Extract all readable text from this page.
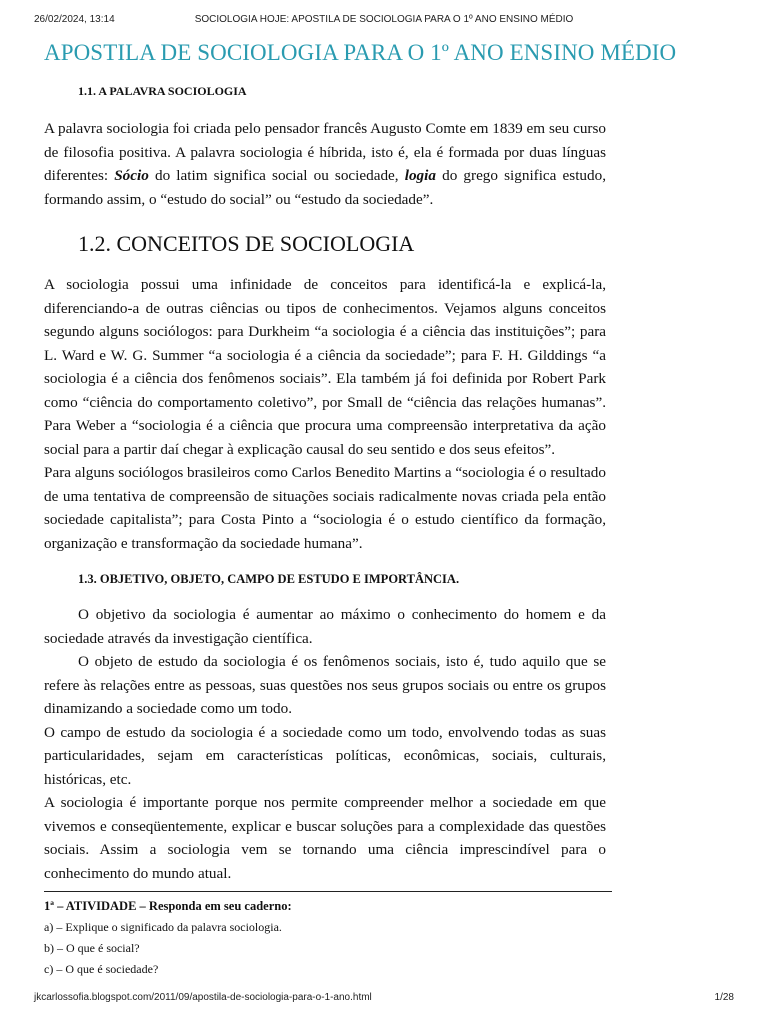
26/02/2024, 13:14	SOCIOLOGIA HOJE: APOSTILA DE SOCIOLOGIA PARA O 1º ANO ENSINO MÉDIO
APOSTILA DE SOCIOLOGIA PARA O 1º ANO ENSINO MÉDIO
1.1. A PALAVRA SOCIOLOGIA

A palavra sociologia foi criada pelo pensador francês Augusto Comte em 1839 em seu curso de filosofia positiva. A palavra sociologia é híbrida, isto é, ela é formada por duas línguas diferentes: Sócio do latim significa social ou sociedade, logia do grego significa estudo, formando assim, o “estudo do social” ou “estudo da sociedade”.

1.2. CONCEITOS DE SOCIOLOGIA

A sociologia possui uma infinidade de conceitos para identificá-la e explicá-la, diferenciando-a de outras ciências ou tipos de conhecimentos. Vejamos alguns conceitos segundo alguns sociólogos: para Durkheim “a sociologia é a ciência das instituições”; para L. Ward e W. G. Summer “a sociologia é a ciência da sociedade”; para F. H. Gilddings “a sociologia é a ciência dos fenômenos sociais”. Ela também já foi definida por Robert Park como “ciência do comportamento coletivo”, por Small de “ciência das relações humanas”. Para Weber a “sociologia é a ciência que procura uma compreensão interpretativa da ação social para a partir daí chegar à explicação causal do seu sentido e dos seus efeitos”.

Para alguns sociólogos brasileiros como Carlos Benedito Martins a “sociologia é o resultado de uma tentativa de compreensão de situações sociais radicalmente novas criada pela então sociedade capitalista”; para Costa Pinto a “sociologia é o estudo científico da formação, organização e transformação da sociedade humana”.

1.3. OBJETIVO, OBJETO, CAMPO DE ESTUDO E IMPORTÂNCIA.

O objetivo da sociologia é aumentar ao máximo o conhecimento do homem e da sociedade através da investigação científica.

O objeto de estudo da sociologia é os fenômenos sociais, isto é, tudo aquilo que se refere às relações entre as pessoas, suas questões nos seus grupos sociais ou entre os grupos dinamizando a sociedade como um todo.

O campo de estudo da sociologia é a sociedade como um todo, envolvendo todas as suas particularidades, sejam em características políticas, econômicas, sociais, culturais, históricas, etc.

A sociologia é importante porque nos permite compreender melhor a sociedade em que vivemos e conseqüentemente, explicar e buscar soluções para a complexidade das questões sociais. Assim a sociologia vem se tornando uma ciência imprescindível para o conhecimento do mundo atual.

1ª – ATIVIDADE – Responda em seu caderno:
a) – Explique o significado da palavra sociologia.
b) – O que é social?
c) – O que é sociedade?
jkcarlossofia.blogspot.com/2011/09/apostila-de-sociologia-para-o-1-ano.html	1/28
